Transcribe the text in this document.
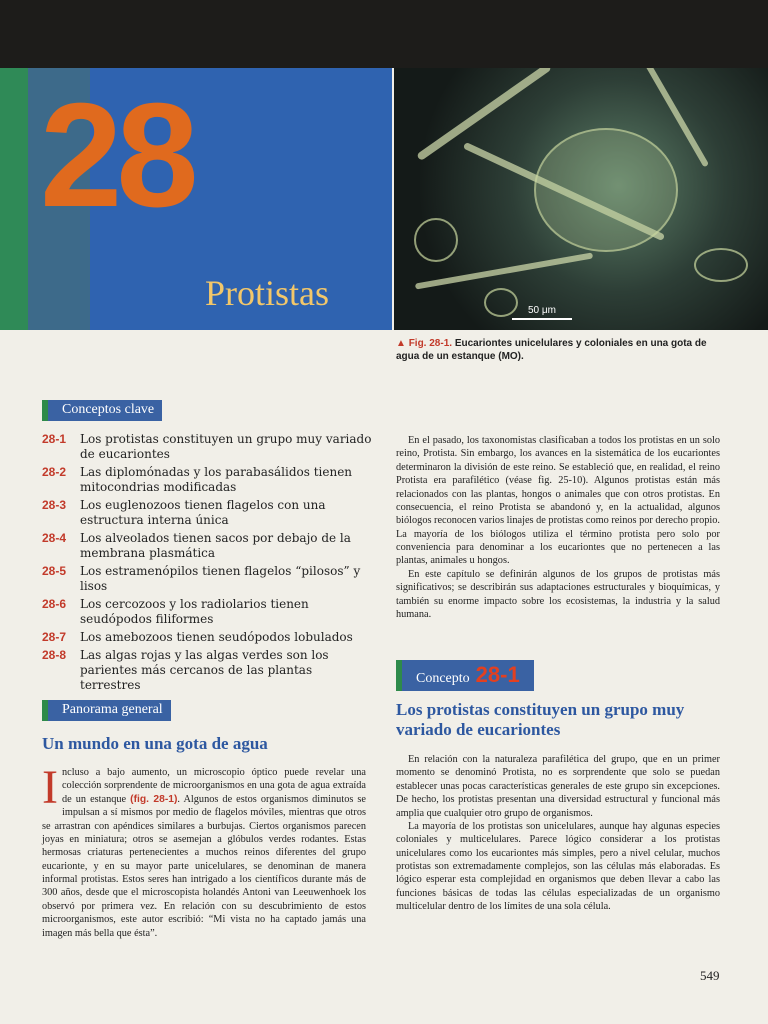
28
Protistas	50 μm
▲ Fig. 28-1. Eucariontes unicelulares y coloniales en una gota de agua de un estanque (MO).
Conceptos clave
28-1	Los protistas constituyen un grupo muy variado de eucariontes
28-2	Las diplomónadas y los parabasálidos tienen mitocondrias modificadas
28-3	Los euglenozoos tienen flagelos con una estructura interna única
28-4	Los alveolados tienen sacos por debajo de la membrana plasmática
28-5	Los estramenópilos tienen flagelos “pilosos” y lisos
28-6	Los cercozoos y los radiolarios tienen seudópodos filiformes
28-7	Los amebozoos tienen seudópodos lobulados
28-8	Las algas rojas y las algas verdes son los parientes más cercanos de las plantas terrestres
Panorama general
Un mundo en una gota de agua
Incluso a bajo aumento, un microscopio óptico puede revelar una colección sorprendente de microorganismos en una gota de agua extraída de un estanque (fig. 28-1). Algunos de estos organismos diminutos se impulsan a sí mismos por medio de flagelos móviles, mientras que otros se arrastran con apéndices similares a burbujas. Ciertos organismos parecen joyas en miniatura; otros se asemejan a glóbulos verdes rodantes. Estas hermosas criaturas pertenecientes a muchos reinos diferentes del grupo eucarionte, y en su mayor parte unicelulares, se denominan de manera informal protistas. Estos seres han intrigado a los científicos durante más de 300 años, desde que el microscopista holandés Antoni van Leeuwenhoek los observó por primera vez. En relación con su descubrimiento de estos microorganismos, este autor escribió: “Mi vista no ha captado jamás una imagen más bella que ésta”.

En el pasado, los taxonomistas clasificaban a todos los protistas en un solo reino, Protista. Sin embargo, los avances en la sistemática de los eucariontes determinaron la división de este reino. Se estableció que, en realidad, el reino Protista era parafilético (véase fig. 25-10). Algunos protistas están más relacionados con las plantas, hongos o animales que con otros protistas. En consecuencia, el reino Protista se abandonó y, en la actualidad, algunos biólogos reconocen varios linajes de protistas como reinos por derecho propio. La mayoría de los biólogos utiliza el término protista pero solo por conveniencia para denominar a los eucariontes que no pertenecen a las plantas, animales u hongos.

En este capítulo se definirán algunos de los grupos de protistas más significativos; se describirán sus adaptaciones estructurales y bioquímicas, y también su enorme impacto sobre los ecosistemas, la industria y la salud humana.

Concepto 28-1
Los protistas constituyen un grupo muy variado de eucariontes

En relación con la naturaleza parafilética del grupo, que en un primer momento se denominó Protista, no es sorprendente que solo se puedan establecer unas pocas características generales de este grupo sin excepciones. De hecho, los protistas presentan una diversidad estructural y funcional más amplia que cualquier otro grupo de organismos.

La mayoría de los protistas son unicelulares, aunque hay algunas especies coloniales y multicelulares. Parece lógico considerar a los protistas unicelulares como los eucariontes más simples, pero a nivel celular, muchos protistas son extremadamente complejos, son las células más elaboradas. Es lógico esperar esta complejidad en organismos que deben llevar a cabo las funciones básicas de todas las células especializadas de un organismo multicelular dentro de los límites de una sola célula.

549
